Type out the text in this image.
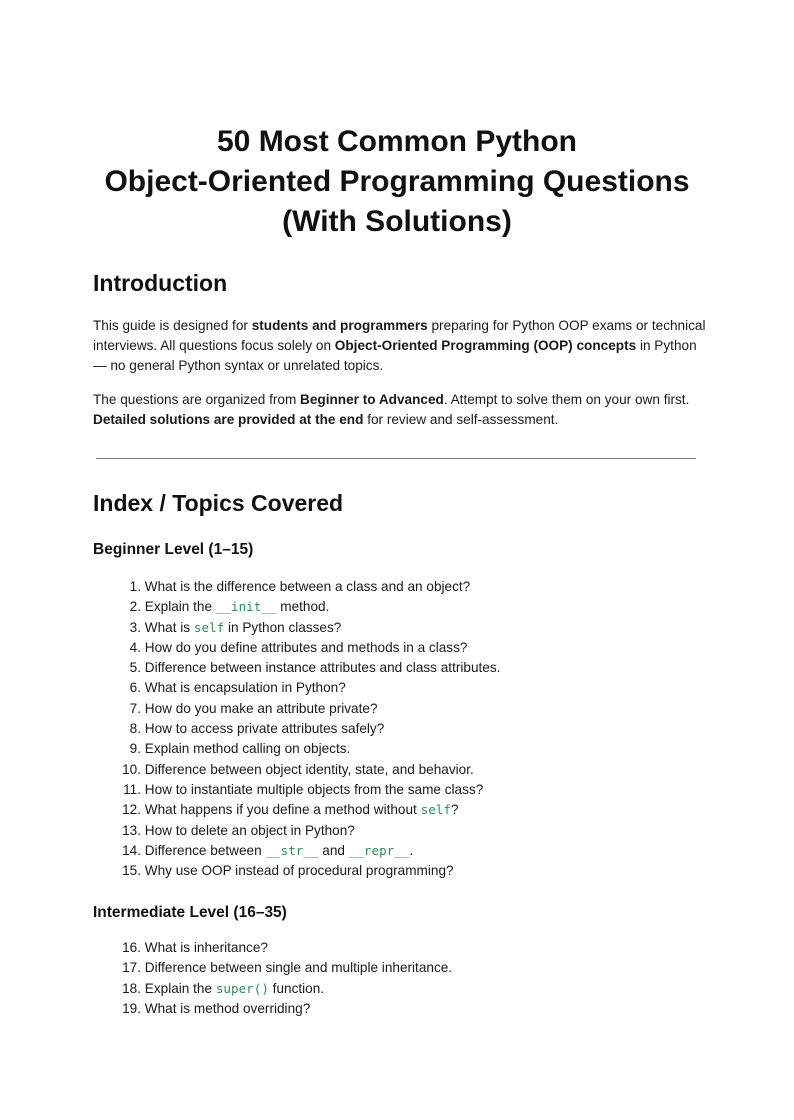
50 Most Common Python
Object-Oriented Programming Questions
(With Solutions)
Introduction

This guide is designed for students and programmers preparing for Python OOP exams or technical interviews. All questions focus solely on Object-Oriented Programming (OOP) concepts in Python — no general Python syntax or unrelated topics.

The questions are organized from Beginner to Advanced. Attempt to solve them on your own first. Detailed solutions are provided at the end for review and self-assessment.

Index / Topics Covered
Beginner Level (1–15)
1. What is the difference between a class and an object?
2. Explain the __init__ method.
3. What is self in Python classes?
4. How do you define attributes and methods in a class?
5. Difference between instance attributes and class attributes.
6. What is encapsulation in Python?
7. How do you make an attribute private?
8. How to access private attributes safely?
9. Explain method calling on objects.
10. Difference between object identity, state, and behavior.
11. How to instantiate multiple objects from the same class?
12. What happens if you define a method without self?
13. How to delete an object in Python?
14. Difference between __str__ and __repr__.
15. Why use OOP instead of procedural programming?
Intermediate Level (16–35)
16. What is inheritance?
17. Difference between single and multiple inheritance.
18. Explain the super() function.
19. What is method overriding?
